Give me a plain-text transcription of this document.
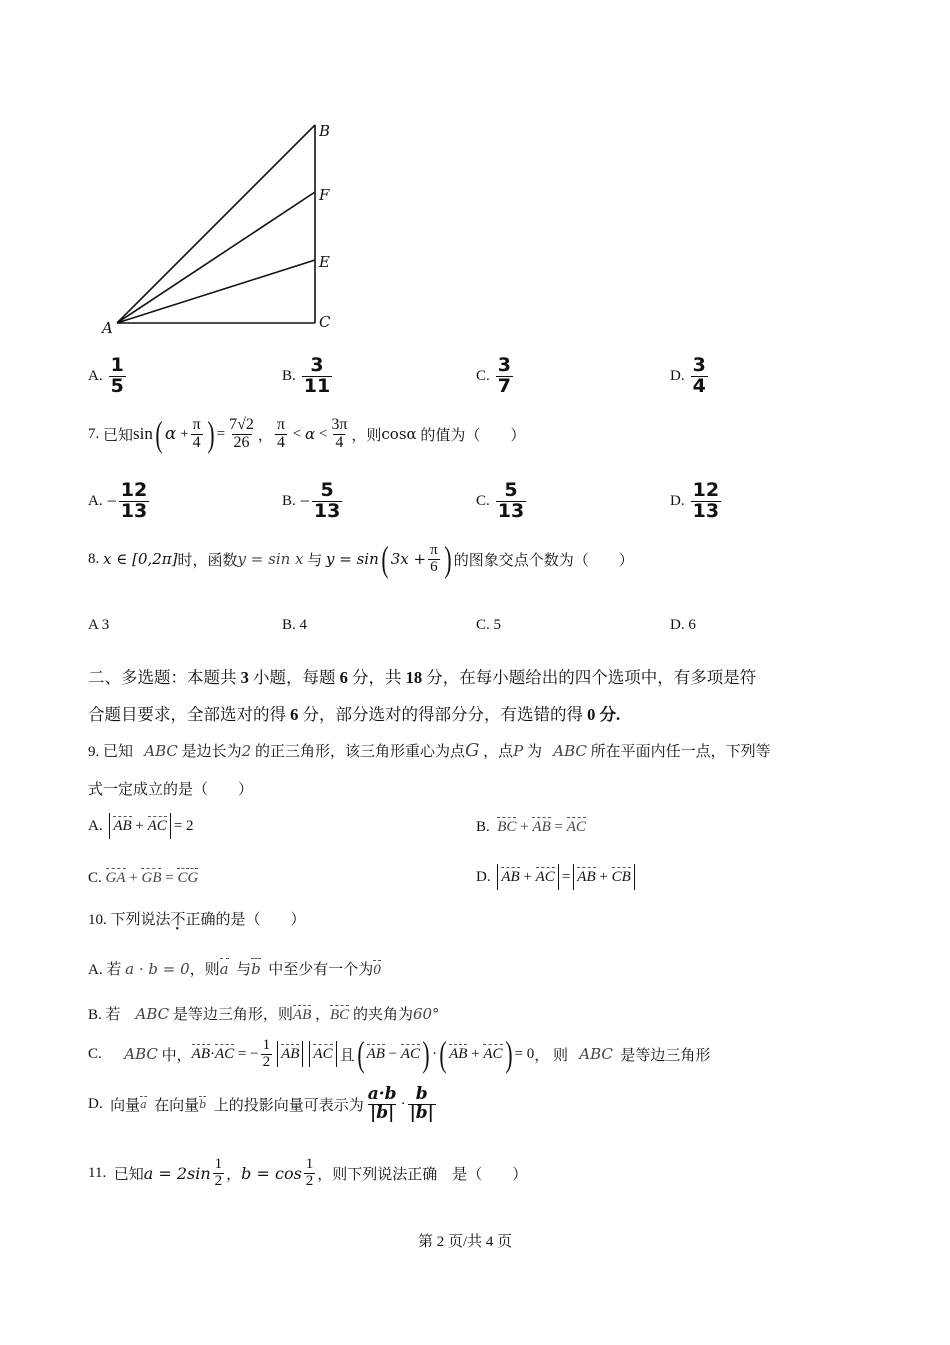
A
B
F
E
C
A. $\frac{1}{5}$	B. $\frac{3}{11}$	C. $\frac{3}{7}$	D. $\frac{3}{4}$
7.
已知 sin ( α
+ $\frac{\pi}{4}$ ) = $\frac{7√2}{26}$ ， $\frac{\pi}{4}$
<
α
< $\frac{3\pi}{4}$ ，则 cosα
的值为（　　）
A.
− $\frac{12}{13}$	B.
− $\frac{5}{13}$	C.
$\frac{5}{13}$	D.
$\frac{12}{13}$
8.
x ∈ [0,2π] 时，函数 y = sin x
与
y = sin ( $3x + \frac{\pi}{6}$ ) 的图象交点个数为（　　）
A 3	B. 4	C. 5	D. 6
二、多选题：本题共 3 小题，每题 6 分，共 18 分，在每小题给出的四个选项中，有多项是符
合题目要求，全部选对的得 6 分，部分选对的得部分分，有选错的得 0 分.
9. 已知 ABC 是边长为2 的正三角形，该三角形重心为点G ，点P 为 ABC 所在平面内任一点，下列等
式一定成立的是（　　）
A.
AB
+
AC = 2	B.
BC
+
AB
=
AC
C.
GA
+
GB
=
CG	D.
AB
+
AC = AB
+
CB
10. 下列说法不正确的是（　　）
A. 若 a · b = 0，则a 与b 中至少有一个为0
B. 若 ABC 是等边三角形，则AB ，BC 的夹角为60°
C.
ABC
中， AB · AC
= − $\frac{1}{2}$ AB AC 且 ( AB
−
AC ) · ( AB
+
AC ) = 0 ， 则
ABC
是等边三角形
D.
向量 a
在向量 b
上的投影向量可表示为 $\frac{a\cdot b}{|b|} \cdot \frac{b}{|b|}$
11.
已知 $a = 2\sin \frac{1}{2}$ ， $b = \cos \frac{1}{2}$ ，则下列说法正确　是（　　）
第 2 页/共 4 页
